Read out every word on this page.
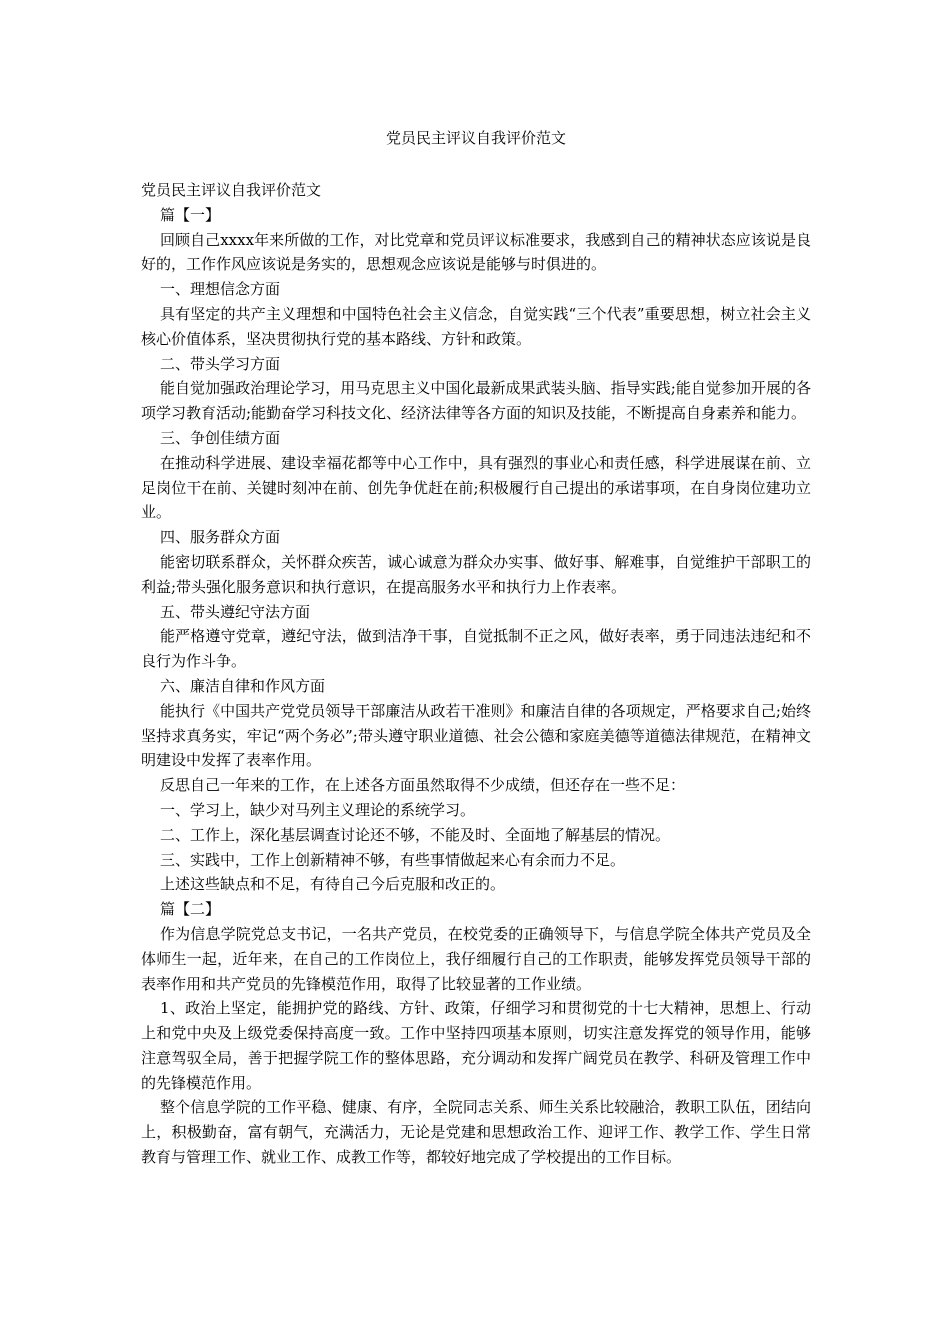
党员民主评议自我评价范文

党员民主评议自我评价范文

篇【一】

回顾自己xxxx年来所做的工作，对比党章和党员评议标准要求，我感到自己的精神状态应该说是良好的，工作作风应该说是务实的，思想观念应该说是能够与时俱进的。

一、理想信念方面

具有坚定的共产主义理想和中国特色社会主义信念，自觉实践“三个代表”重要思想，树立社会主义核心价值体系，坚决贯彻执行党的基本路线、方针和政策。

二、带头学习方面

能自觉加强政治理论学习，用马克思主义中国化最新成果武装头脑、指导实践;能自觉参加开展的各项学习教育活动;能勤奋学习科技文化、经济法律等各方面的知识及技能，不断提高自身素养和能力。

三、争创佳绩方面

在推动科学进展、建设幸福花都等中心工作中，具有强烈的事业心和责任感，科学进展谋在前、立足岗位干在前、关键时刻冲在前、创先争优赶在前;积极履行自己提出的承诺事项，在自身岗位建功立业。

四、服务群众方面

能密切联系群众，关怀群众疾苦，诚心诚意为群众办实事、做好事、解难事，自觉维护干部职工的利益;带头强化服务意识和执行意识，在提高服务水平和执行力上作表率。

五、带头遵纪守法方面

能严格遵守党章，遵纪守法，做到洁净干事，自觉抵制不正之风，做好表率，勇于同违法违纪和不良行为作斗争。

六、廉洁自律和作风方面

能执行《中国共产党党员领导干部廉洁从政若干准则》和廉洁自律的各项规定，严格要求自己;始终坚持求真务实，牢记“两个务必”;带头遵守职业道德、社会公德和家庭美德等道德法律规范，在精神文明建设中发挥了表率作用。

反思自己一年来的工作，在上述各方面虽然取得不少成绩，但还存在一些不足：

一、学习上，缺少对马列主义理论的系统学习。

二、工作上，深化基层调查讨论还不够，不能及时、全面地了解基层的情况。

三、实践中，工作上创新精神不够，有些事情做起来心有余而力不足。

上述这些缺点和不足，有待自己今后克服和改正的。

篇【二】

作为信息学院党总支书记，一名共产党员，在校党委的正确领导下，与信息学院全体共产党员及全体师生一起，近年来，在自己的工作岗位上，我仔细履行自己的工作职责，能够发挥党员领导干部的表率作用和共产党员的先锋模范作用，取得了比较显著的工作业绩。

1、政治上坚定，能拥护党的路线、方针、政策，仔细学习和贯彻党的十七大精神，思想上、行动上和党中央及上级党委保持高度一致。工作中坚持四项基本原则，切实注意发挥党的领导作用，能够注意驾驭全局，善于把握学院工作的整体思路，充分调动和发挥广阔党员在教学、科研及管理工作中的先锋模范作用。

整个信息学院的工作平稳、健康、有序，全院同志关系、师生关系比较融洽，教职工队伍，团结向上，积极勤奋，富有朝气，充满活力，无论是党建和思想政治工作、迎评工作、教学工作、学生日常教育与管理工作、就业工作、成教工作等，都较好地完成了学校提出的工作目标。
